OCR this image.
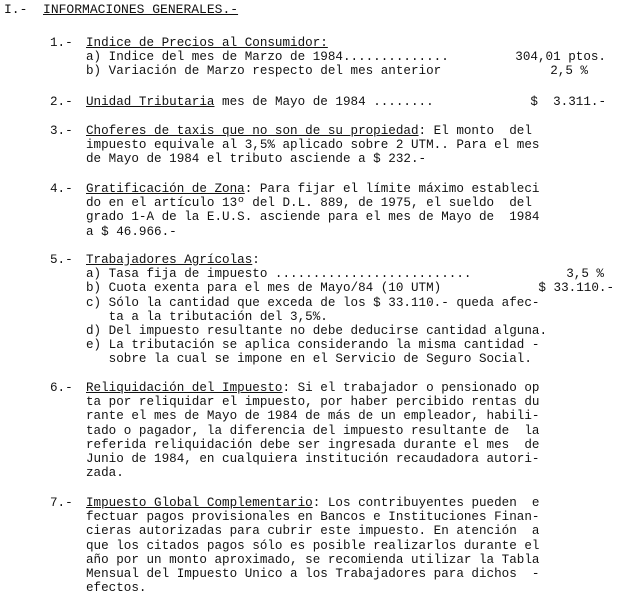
I.- INFORMACIONES GENERALES.-
1.-	Indice de Precios al Consumidor:
a) Indice del mes de Marzo de 1984..............	304,01 ptos.
b) Variación de Marzo respecto del mes anterior	2,5 %
2.-	Unidad Tributaria mes de Mayo de 1984 ........	$  3.311.-
3.-	Choferes de taxis que no son de su propiedad: El monto  del
impuesto equivale al 3,5% aplicado sobre 2 UTM.. Para el mes
de Mayo de 1984 el tributo asciende a $ 232.-
4.-	Gratificación de Zona: Para fijar el límite máximo estableci
do en el artículo 13º del D.L. 889, de 1975, el sueldo  del
grado 1-A de la E.U.S. asciende para el mes de Mayo de  1984
a $ 46.966.-
5.-	Trabajadores Agrícolas:
a) Tasa fija de impuesto ..........................	3,5 %
b) Cuota exenta para el mes de Mayo/84 (10 UTM)	$ 33.110.-
c) Sólo la cantidad que exceda de los $ 33.110.- queda afec-
ta a la tributación del 3,5%.
d) Del impuesto resultante no debe deducirse cantidad alguna.
e) La tributación se aplica considerando la misma cantidad -
sobre la cual se impone en el Servicio de Seguro Social.
6.-	Reliquidación del Impuesto: Si el trabajador o pensionado op
ta por reliquidar el impuesto, por haber percibido rentas du
rante el mes de Mayo de 1984 de más de un empleador, habili-
tado o pagador, la diferencia del impuesto resultante de  la
referida reliquidación debe ser ingresada durante el mes  de
Junio de 1984, en cualquiera institución recaudadora autori-
zada.
7.-	Impuesto Global Complementario: Los contribuyentes pueden  e
fectuar pagos provisionales en Bancos e Instituciones Finan-
cieras autorizadas para cubrir este impuesto. En atención  a
que los citados pagos sólo es posible realizarlos durante el
año por un monto aproximado, se recomienda utilizar la Tabla
Mensual del Impuesto Unico a los Trabajadores para dichos  -
efectos.
